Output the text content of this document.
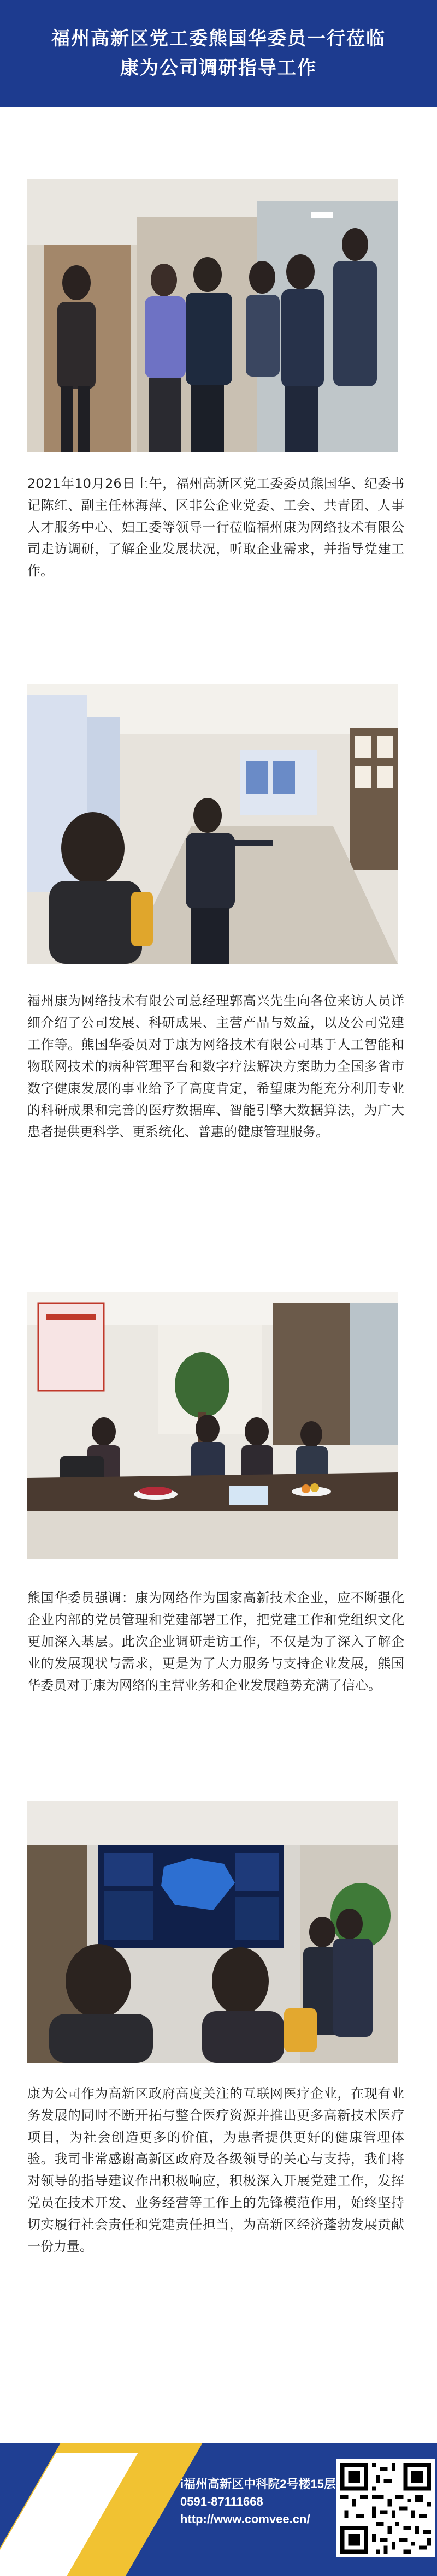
福州高新区党工委熊国华委员一行莅临
康为公司调研指导工作

2021年10月26日上午，福州高新区党工委委员熊国华、纪委书记陈红、副主任林海萍、区非公企业党委、工会、共青团、人事人才服务中心、妇工委等领导一行莅临福州康为网络技术有限公司走访调研，了解企业发展状况，听取企业需求，并指导党建工作。

福州康为网络技术有限公司总经理郭高兴先生向各位来访人员详细介绍了公司发展、科研成果、主营产品与效益，以及公司党建工作等。熊国华委员对于康为网络技术有限公司基于人工智能和物联网技术的病种管理平台和数字疗法解决方案助力全国多省市数字健康发展的事业给予了高度肯定，希望康为能充分利用专业的科研成果和完善的医疗数据库、智能引擎大数据算法，为广大患者提供更科学、更系统化、普惠的健康管理服务。

熊国华委员强调：康为网络作为国家高新技术企业，应不断强化企业内部的党员管理和党建部署工作，把党建工作和党组织文化更加深入基层。此次企业调研走访工作，不仅是为了深入了解企业的发展现状与需求，更是为了大力服务与支持企业发展，熊国华委员对于康为网络的主营业务和企业发展趋势充满了信心。

康为公司作为高新区政府高度关注的互联网医疗企业，在现有业务发展的同时不断开拓与整合医疗资源并推出更多高新技术医疗项目，为社会创造更多的价值，为患者提供更好的健康管理体验。我司非常感谢高新区政府及各级领导的关心与支持，我们将对领导的指导建议作出积极响应，积极深入开展党建工作，发挥党员在技术开发、业务经营等工作上的先锋模范作用，始终坚持切实履行社会责任和党建责任担当，为高新区经济蓬勃发展贡献一份力量。

i福州高新区中科院2号楼15层
0591-87111668
http://www.comvee.cn/
